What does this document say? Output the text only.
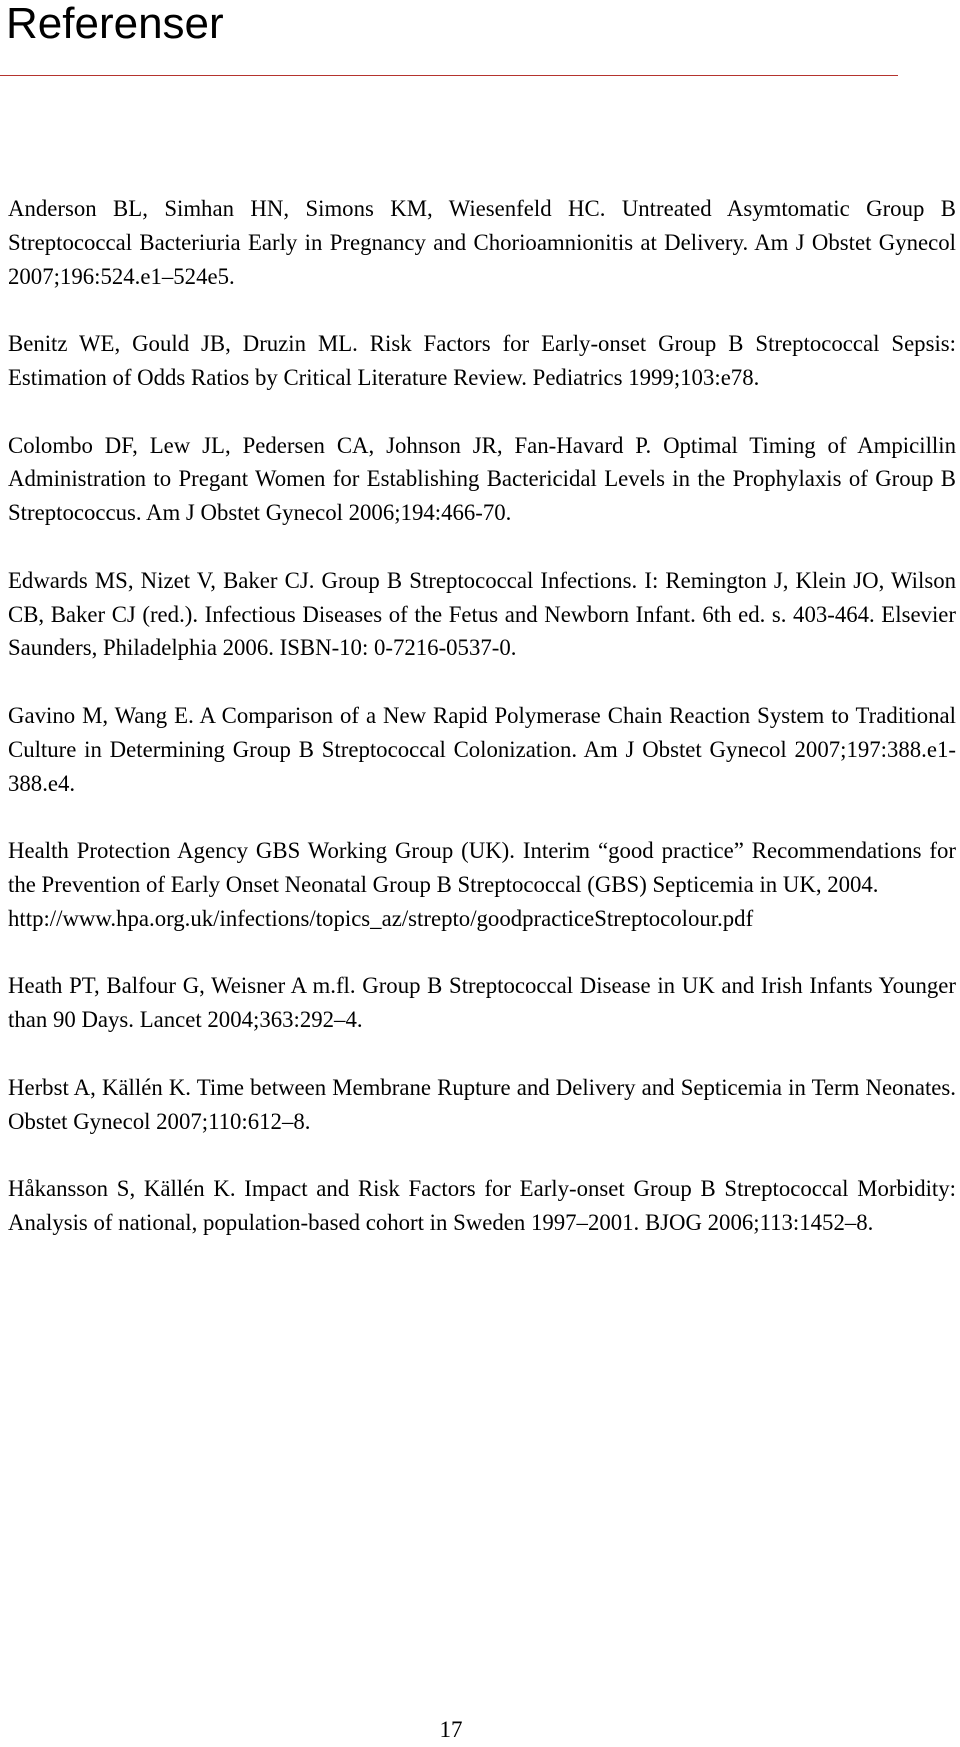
Referenser

Anderson BL, Simhan HN, Simons KM, Wiesenfeld HC. Untreated Asymtomatic Group B Streptococcal Bacteriuria Early in Pregnancy and Chorioamnionitis at Delivery. Am J Obstet Gynecol 2007;196:524.e1–524e5.

Benitz WE, Gould JB, Druzin ML. Risk Factors for Early-onset Group B Streptococcal Sepsis: Estimation of Odds Ratios by Critical Literature Review. Pediatrics 1999;103:e78.

Colombo DF, Lew JL, Pedersen CA, Johnson JR, Fan-Havard P. Optimal Timing of Ampicillin Administration to Pregant Women for Establishing Bactericidal Levels in the Prophylaxis of Group B Streptococcus. Am J Obstet Gynecol 2006;194:466-70.

Edwards MS, Nizet V, Baker CJ. Group B Streptococcal Infections. I: Remington J, Klein JO, Wilson CB, Baker CJ (red.). Infectious Diseases of the Fetus and Newborn Infant. 6th ed. s. 403-464. Elsevier Saunders, Philadelphia 2006. ISBN-10: 0-7216-0537-0.

Gavino M, Wang E. A Comparison of a New Rapid Polymerase Chain Reaction System to Traditional Culture in Determining Group B Streptococcal Colonization. Am J Obstet Gynecol 2007;197:388.e1-388.e4.

Health Protection Agency GBS Working Group (UK). Interim “good practice” Recommendations for the Prevention of Early Onset Neonatal Group B Streptococcal (GBS) Septicemia in UK, 2004.
http://www.hpa.org.uk/infections/topics_az/strepto/goodpracticeStreptocolour.pdf

Heath PT, Balfour G, Weisner A m.fl. Group B Streptococcal Disease in UK and Irish Infants Younger than 90 Days. Lancet 2004;363:292–4.

Herbst A, Källén K. Time between Membrane Rupture and Delivery and Septicemia in Term Neonates. Obstet Gynecol 2007;110:612–8.

Håkansson S, Källén K. Impact and Risk Factors for Early-onset Group B Streptococcal Morbidity: Analysis of national, population-based cohort in Sweden 1997–2001. BJOG 2006;113:1452–8.

17
